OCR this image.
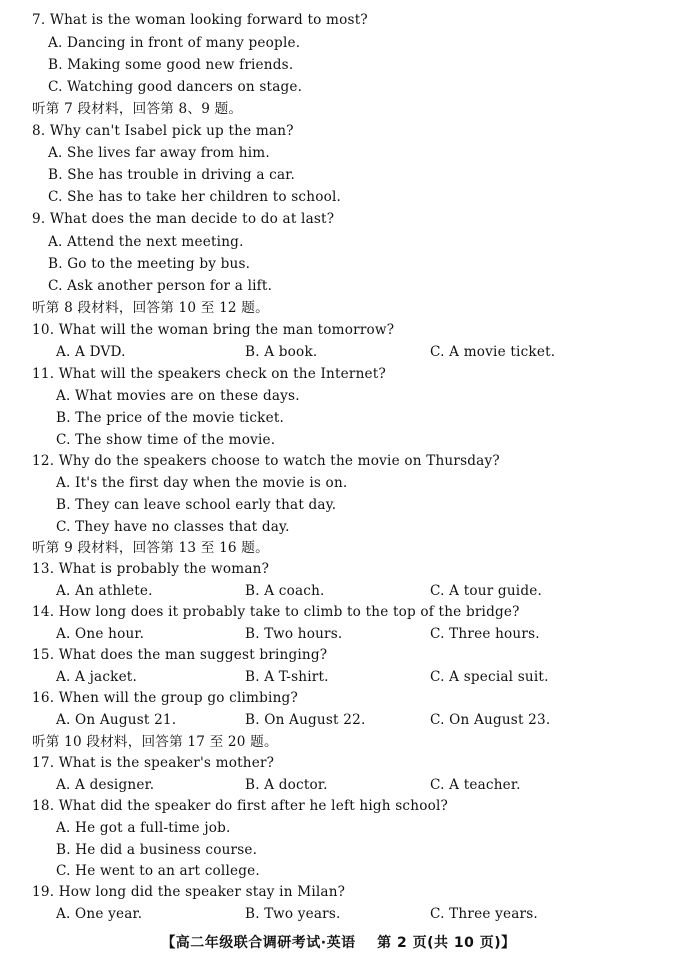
7. What is the woman looking forward to most?
A. Dancing in front of many people.
B. Making some good new friends.
C. Watching good dancers on stage.
听第 7 段材料，回答第 8、9 题。
8. Why can't Isabel pick up the man?
A. She lives far away from him.
B. She has trouble in driving a car.
C. She has to take her children to school.
9. What does the man decide to do at last?
A. Attend the next meeting.
B. Go to the meeting by bus.
C. Ask another person for a lift.
听第 8 段材料，回答第 10 至 12 题。
10. What will the woman bring the man tomorrow?
A. A DVD.	B. A book.	C. A movie ticket.
11. What will the speakers check on the Internet?
A. What movies are on these days.
B. The price of the movie ticket.
C. The show time of the movie.
12. Why do the speakers choose to watch the movie on Thursday?
A. It's the first day when the movie is on.
B. They can leave school early that day.
C. They have no classes that day.
听第 9 段材料，回答第 13 至 16 题。
13. What is probably the woman?
A. An athlete.	B. A coach.	C. A tour guide.
14. How long does it probably take to climb to the top of the bridge?
A. One hour.	B. Two hours.	C. Three hours.
15. What does the man suggest bringing?
A. A jacket.	B. A T-shirt.	C. A special suit.
16. When will the group go climbing?
A. On August 21.	B. On August 22.	C. On August 23.
听第 10 段材料，回答第 17 至 20 题。
17. What is the speaker's mother?
A. A designer.	B. A doctor.	C. A teacher.
18. What did the speaker do first after he left high school?
A. He got a full-time job.
B. He did a business course.
C. He went to an art college.
19. How long did the speaker stay in Milan?
A. One year.	B. Two years.	C. Three years.
【高二年级联合调研考试·英语 第 2 页(共 10 页)】
